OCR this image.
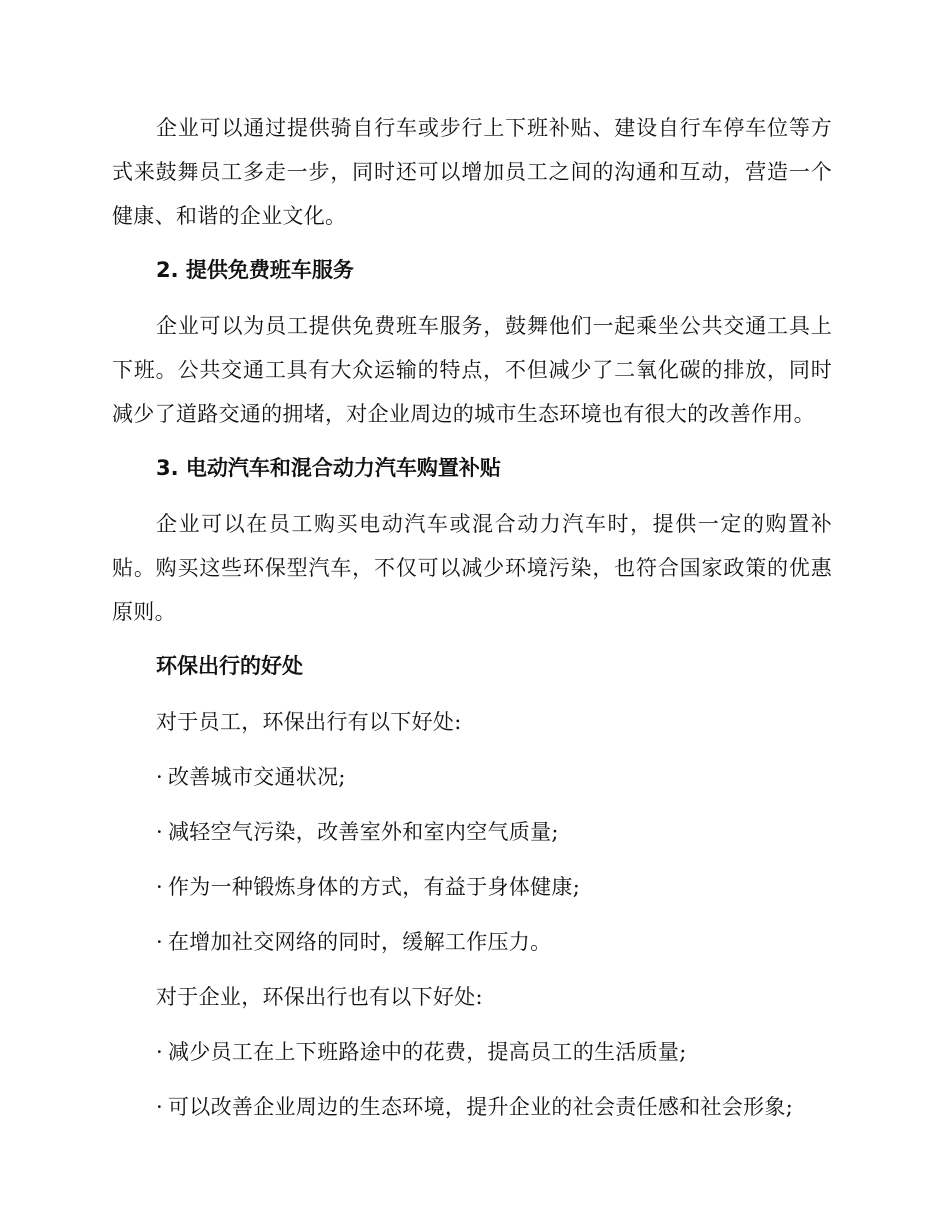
企业可以通过提供骑自行车或步行上下班补贴、建设自行车停车位等方式来鼓舞员工多走一步，同时还可以增加员工之间的沟通和互动，营造一个健康、和谐的企业文化。

2. 提供免费班车服务

企业可以为员工提供免费班车服务，鼓舞他们一起乘坐公共交通工具上下班。公共交通工具有大众运输的特点，不但减少了二氧化碳的排放，同时减少了道路交通的拥堵，对企业周边的城市生态环境也有很大的改善作用。

3. 电动汽车和混合动力汽车购置补贴

企业可以在员工购买电动汽车或混合动力汽车时，提供一定的购置补贴。购买这些环保型汽车，不仅可以减少环境污染，也符合国家政策的优惠原则。

环保出行的好处

对于员工，环保出行有以下好处:

· 改善城市交通状况;

· 减轻空气污染，改善室外和室内空气质量;

· 作为一种锻炼身体的方式，有益于身体健康;

· 在增加社交网络的同时，缓解工作压力。

对于企业，环保出行也有以下好处:

· 减少员工在上下班路途中的花费，提高员工的生活质量;

· 可以改善企业周边的生态环境，提升企业的社会责任感和社会形象;
